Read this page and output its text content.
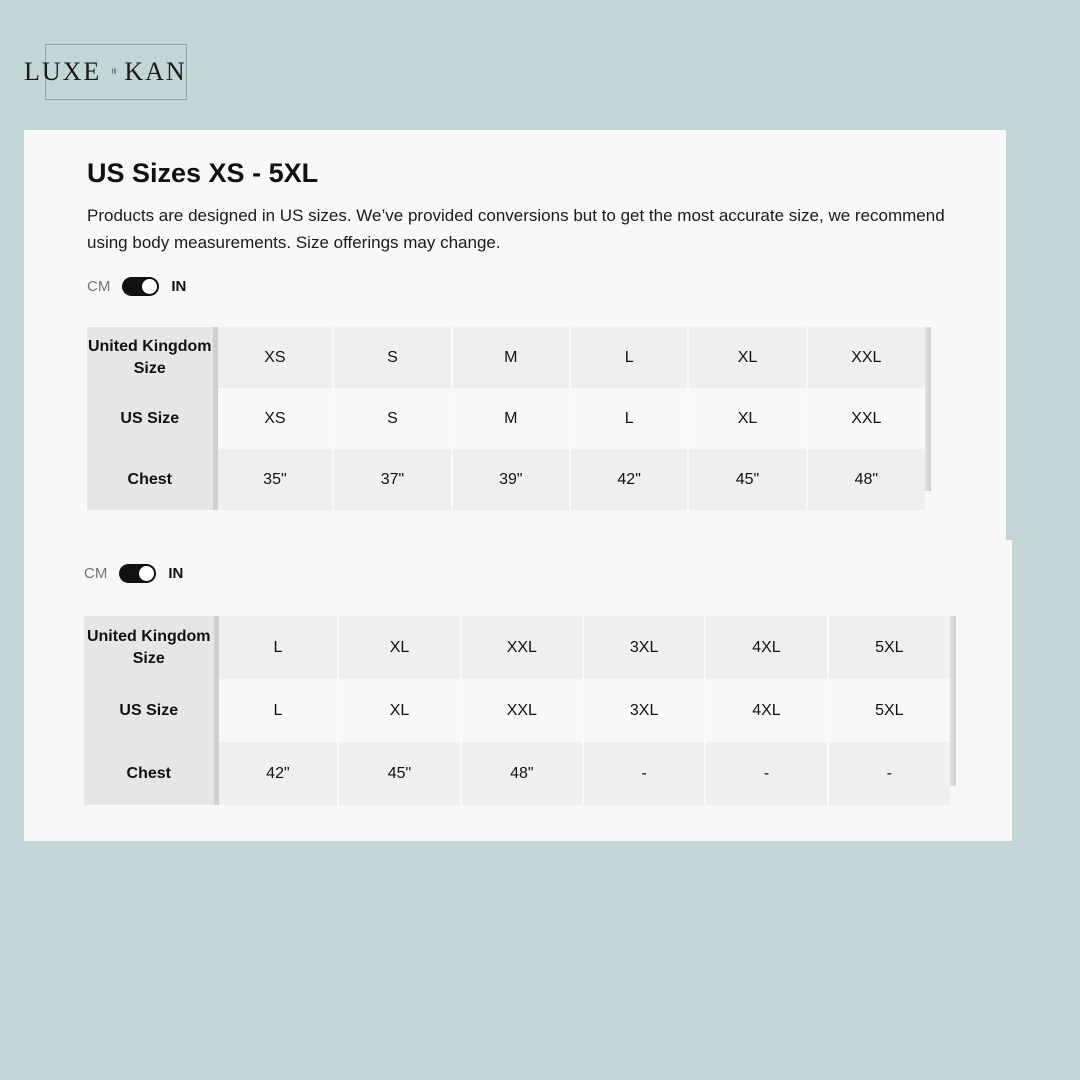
LUXE ≡ KAN
US Sizes XS - 5XL

Products are designed in US sizes. We’ve provided conversions but to get the most accurate size, we recommend using body measurements. Size offerings may change.

CM	IN
United Kingdom Size	XS	S	M	L	XL	XXL
US Size	XS	S	M	L	XL	XXL
Chest	35"	37"	39"	42"	45"	48"
CM	IN
United Kingdom Size	L	XL	XXL	3XL	4XL	5XL
US Size	L	XL	XXL	3XL	4XL	5XL
Chest	42"	45"	48"	-	-	-
